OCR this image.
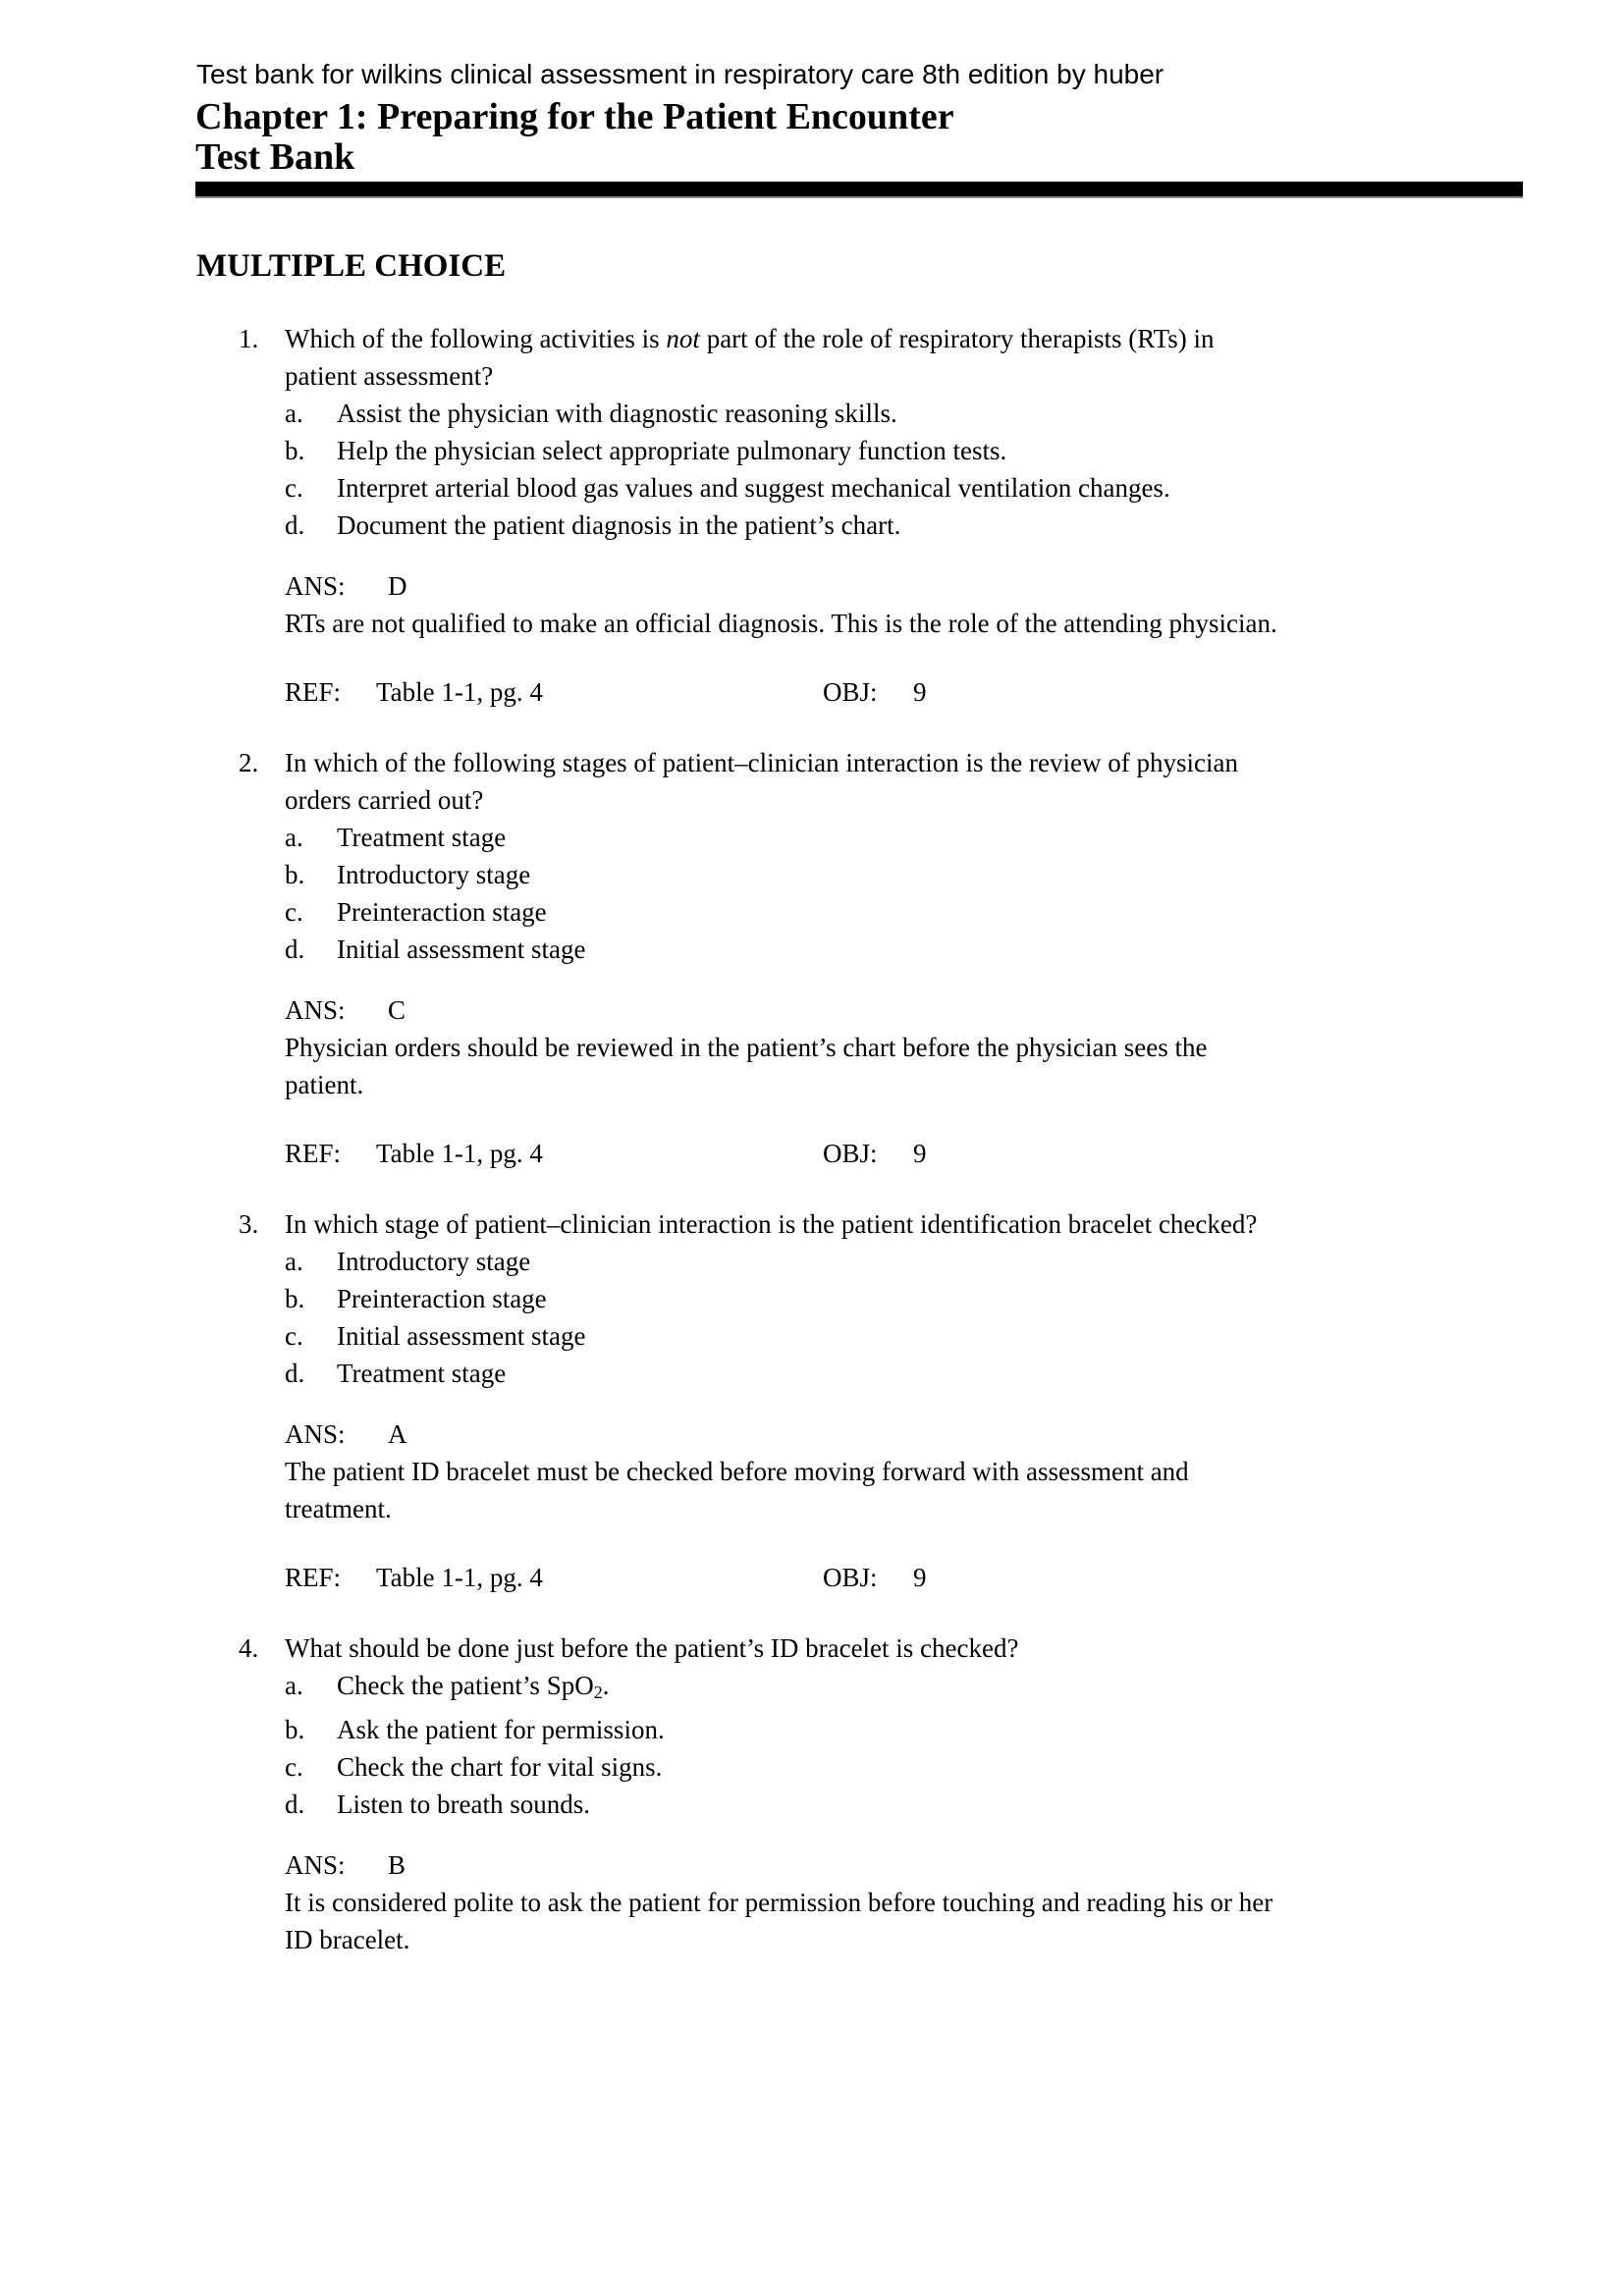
Test bank for wilkins clinical assessment in respiratory care 8th edition by huber
Chapter 1: Preparing for the Patient Encounter
Test Bank
MULTIPLE CHOICE
1. Which of the following activities is not part of the role of respiratory therapists (RTs) in
patient assessment?
a. Assist the physician with diagnostic reasoning skills.
b. Help the physician select appropriate pulmonary function tests.
c. Interpret arterial blood gas values and suggest mechanical ventilation changes.
d. Document the patient diagnosis in the patient’s chart.
ANS: D
RTs are not qualified to make an official diagnosis. This is the role of the attending physician.
REF: Table 1-1, pg. 4	OBJ: 9
2. In which of the following stages of patient–clinician interaction is the review of physician
orders carried out?
a. Treatment stage
b. Introductory stage
c. Preinteraction stage
d. Initial assessment stage
ANS: C
Physician orders should be reviewed in the patient’s chart before the physician sees the
patient.
REF: Table 1-1, pg. 4	OBJ: 9
3. In which stage of patient–clinician interaction is the patient identification bracelet checked?
a. Introductory stage
b. Preinteraction stage
c. Initial assessment stage
d. Treatment stage
ANS: A
The patient ID bracelet must be checked before moving forward with assessment and
treatment.
REF: Table 1-1, pg. 4	OBJ: 9
4. What should be done just before the patient’s ID bracelet is checked?
a. Check the patient’s SpO$_2$.
b. Ask the patient for permission.
c. Check the chart for vital signs.
d. Listen to breath sounds.
ANS: B
It is considered polite to ask the patient for permission before touching and reading his or her
ID bracelet.
